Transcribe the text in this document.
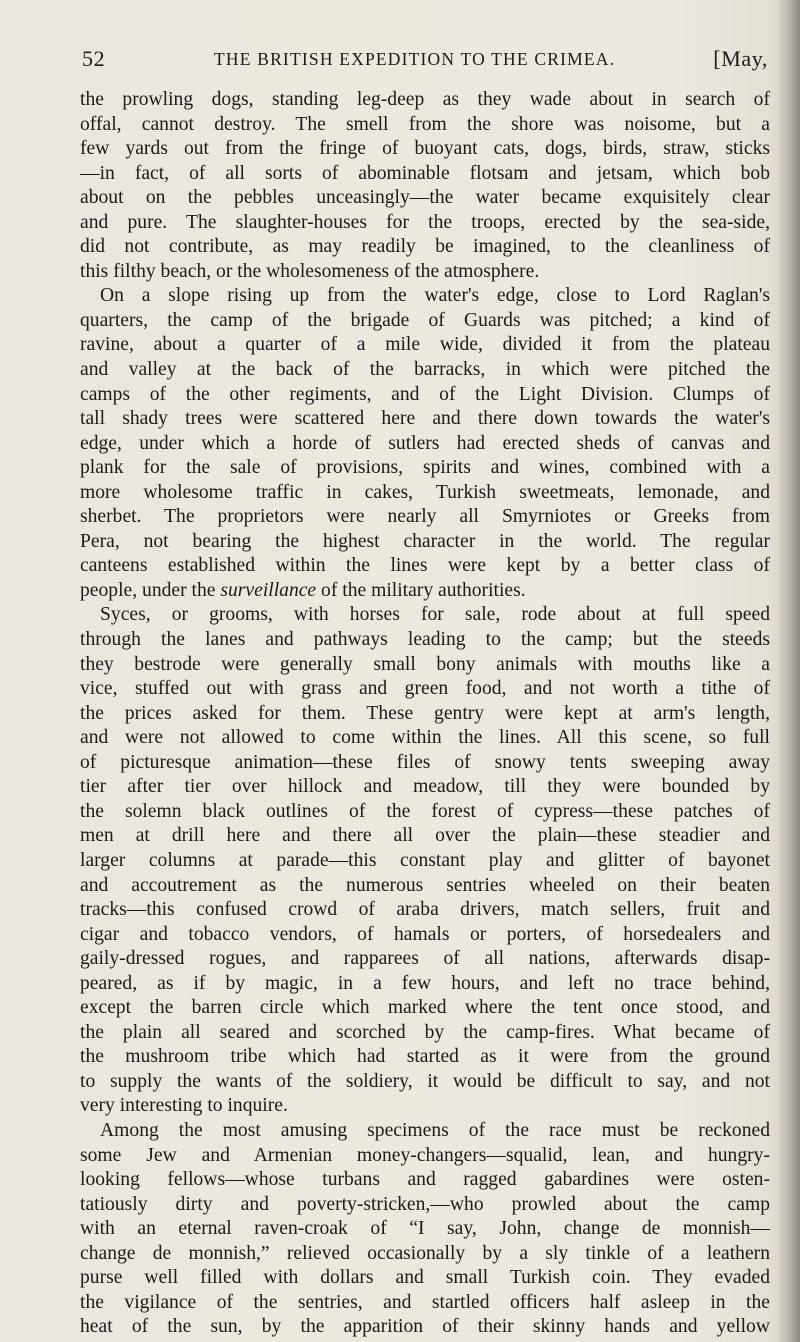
52	THE BRITISH EXPEDITION TO THE CRIMEA.	[May,
the prowling dogs, standing leg-deep as they wade about in search of
offal, cannot destroy. The smell from the shore was noisome, but a
few yards out from the fringe of buoyant cats, dogs, birds, straw, sticks
—in fact, of all sorts of abominable flotsam and jetsam, which bob
about on the pebbles unceasingly—the water became exquisitely clear
and pure. The slaughter-houses for the troops, erected by the sea-side,
did not contribute, as may readily be imagined, to the cleanliness of
this filthy beach, or the wholesomeness of the atmosphere.
On a slope rising up from the water's edge, close to Lord Raglan's
quarters, the camp of the brigade of Guards was pitched; a kind of
ravine, about a quarter of a mile wide, divided it from the plateau
and valley at the back of the barracks, in which were pitched the
camps of the other regiments, and of the Light Division. Clumps of
tall shady trees were scattered here and there down towards the water's
edge, under which a horde of sutlers had erected sheds of canvas and
plank for the sale of provisions, spirits and wines, combined with a
more wholesome traffic in cakes, Turkish sweetmeats, lemonade, and
sherbet. The proprietors were nearly all Smyrniotes or Greeks from
Pera, not bearing the highest character in the world. The regular
canteens established within the lines were kept by a better class of
people, under the surveillance of the military authorities.
Syces, or grooms, with horses for sale, rode about at full speed
through the lanes and pathways leading to the camp; but the steeds
they bestrode were generally small bony animals with mouths like a
vice, stuffed out with grass and green food, and not worth a tithe of
the prices asked for them. These gentry were kept at arm's length,
and were not allowed to come within the lines. All this scene, so full
of picturesque animation—these files of snowy tents sweeping away
tier after tier over hillock and meadow, till they were bounded by
the solemn black outlines of the forest of cypress—these patches of
men at drill here and there all over the plain—these steadier and
larger columns at parade—this constant play and glitter of bayonet
and accoutrement as the numerous sentries wheeled on their beaten
tracks—this confused crowd of araba drivers, match sellers, fruit and
cigar and tobacco vendors, of hamals or porters, of horsedealers and
gaily-dressed rogues, and rapparees of all nations, afterwards disap-
peared, as if by magic, in a few hours, and left no trace behind,
except the barren circle which marked where the tent once stood, and
the plain all seared and scorched by the camp-fires. What became of
the mushroom tribe which had started as it were from the ground
to supply the wants of the soldiery, it would be difficult to say, and not
very interesting to inquire.
Among the most amusing specimens of the race must be reckoned
some Jew and Armenian money-changers—squalid, lean, and hungry-
looking fellows—whose turbans and ragged gabardines were osten-
tatiously dirty and poverty-stricken,—who prowled about the camp
with an eternal raven-croak of “I say, John, change de monnish—
change de monnish,” relieved occasionally by a sly tinkle of a leathern
purse well filled with dollars and small Turkish coin. They evaded
the vigilance of the sentries, and startled officers half asleep in the
heat of the sun, by the apparition of their skinny hands and yellow
